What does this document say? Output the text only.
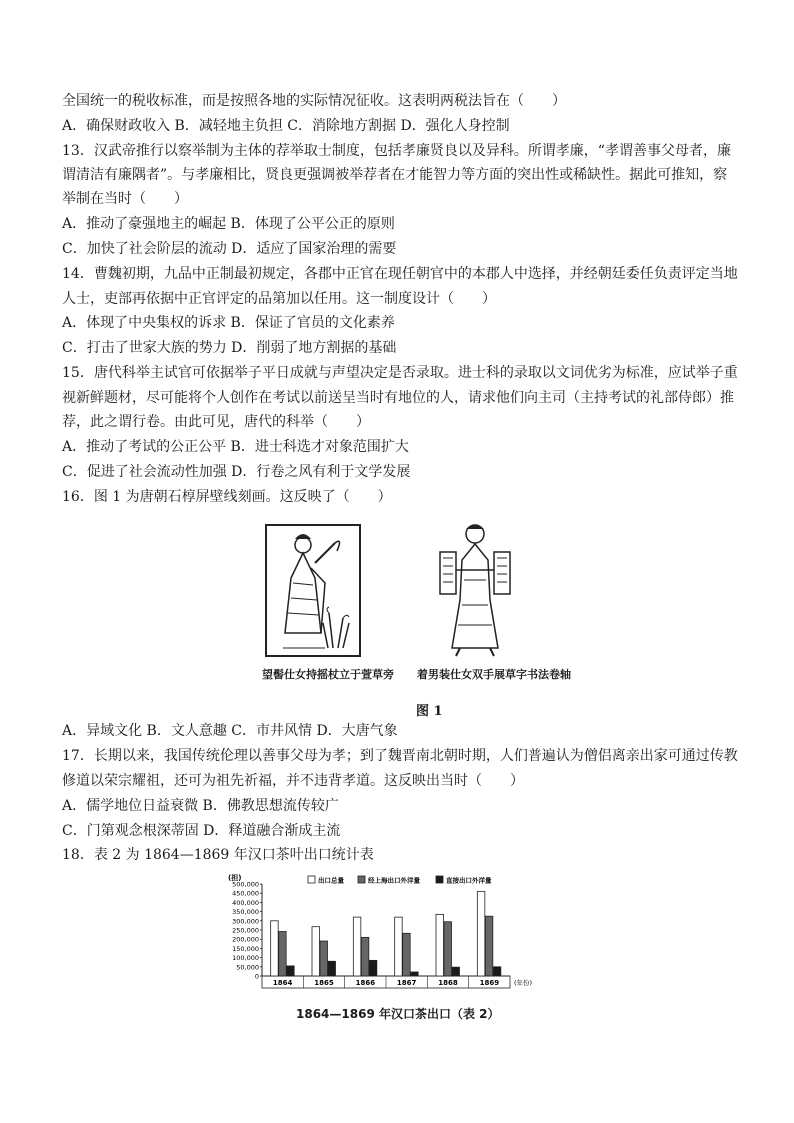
全国统一的税收标准，而是按照各地的实际情况征收。这表明两税法旨在（　　）
A．确保财政收入 B．减轻地主负担 C．消除地方割据 D．强化人身控制
13．汉武帝推行以察举制为主体的荐举取士制度，包括孝廉贤良以及异科。所谓孝廉，“孝谓善事父母者，廉
谓清洁有廉隅者”。与孝廉相比，贤良更强调被举荐者在才能智力等方面的突出性或稀缺性。据此可推知，察
举制在当时（　　）
A．推动了豪强地主的崛起 B．体现了公平公正的原则
C．加快了社会阶层的流动 D．适应了国家治理的需要
14．曹魏初期，九品中正制最初规定，各郡中正官在现任朝官中的本郡人中选择，并经朝廷委任负责评定当地
人士，吏部再依据中正官评定的品第加以任用。这一制度设计（　　）
A．体现了中央集权的诉求 B．保证了官员的文化素养
C．打击了世家大族的势力 D．削弱了地方割据的基础
15．唐代科举主试官可依据举子平日成就与声望决定是否录取。进士科的录取以文词优劣为标准，应试举子重
视新鲜题材，尽可能将个人创作在考试以前送呈当时有地位的人，请求他们向主司（主持考试的礼部侍郎）推
荐，此之谓行卷。由此可见，唐代的科举（　　）
A．推动了考试的公正公平 B．进士科选才对象范围扩大
C．促进了社会流动性加强 D．行卷之风有利于文学发展
16．图 1 为唐朝石椁屏壁线刻画。这反映了（　　）
望髻仕女持摇杖立于萱草旁 着男装仕女双手展草字书法卷轴
图 1
A．异域文化 B．文人意趣 C．市井风情 D．大唐气象
17．长期以来，我国传统伦理以善事父母为孝；到了魏晋南北朝时期，人们普遍认为僧侣离亲出家可通过传教
修道以荣宗耀祖，还可为祖先祈福，并不违背孝道。这反映出当时（　　）
A．儒学地位日益衰微 B．佛教思想流传较广
C．门第观念根深蒂固 D．释道融合渐成主流
18．表 2 为 1864—1869 年汉口茶叶出口统计表
(担)
0
50,000
100,000
150,000
200,000
250,000
300,000
350,000
400,000
450,000
500,000
1864	1865	1866	1867	1868	1869 (年份)
出口总量	经上海出口外洋量	直接出口外洋量
1864—1869 年汉口茶出口（表 2）
